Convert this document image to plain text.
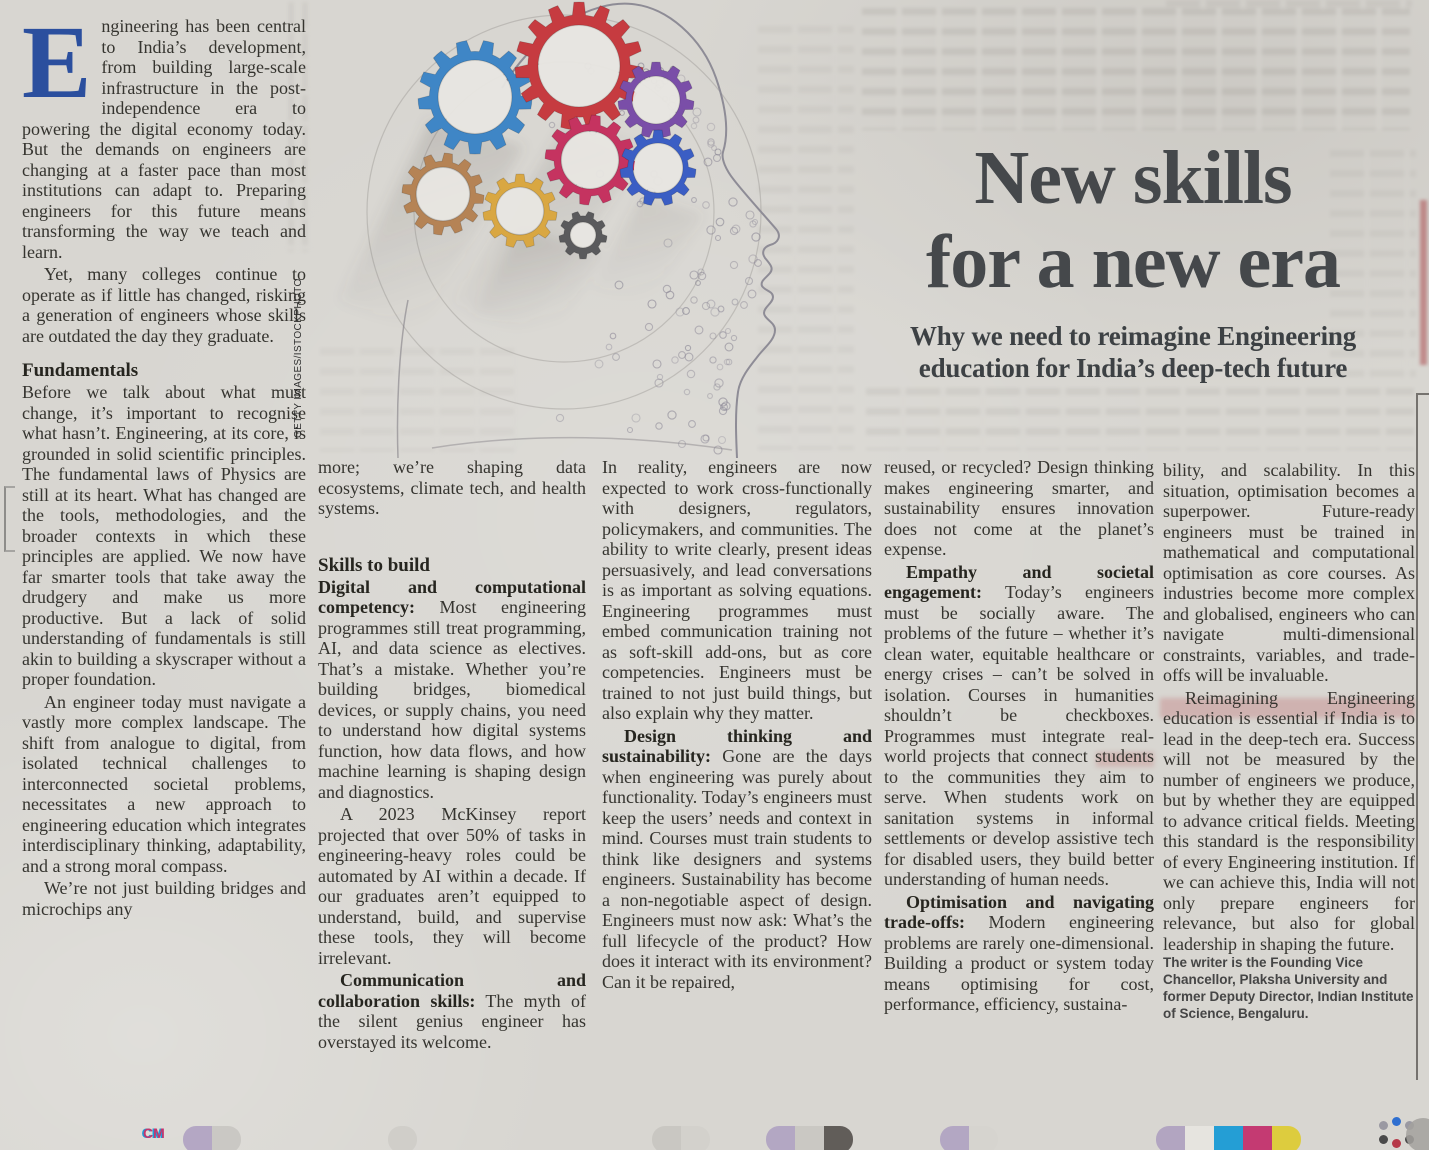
Engineering has been central to India’s development, from building large-scale infrastructure in the post-independence era to powering the digital economy today. But the demands on engineers are changing at a faster pace than most institutions can adapt to. Preparing engineers for this future means transforming the way we teach and learn.

Yet, many colleges continue to operate as if little has changed, risking a generation of engineers whose skills are outdated the day they graduate.

Fundamentals

Before we talk about what must change, it’s important to recognise what hasn’t. Engineering, at its core, is grounded in solid scientific principles. The fundamental laws of Physics are still at its heart. What has changed are the tools, methodologies, and the broader contexts in which these principles are applied. We now have far smarter tools that take away the drudgery and make us more productive. But a lack of solid understanding of fundamentals is still akin to building a skyscraper without a proper foundation.

An engineer today must navigate a vastly more complex landscape. The shift from analogue to digital, from isolated technical challenges to interconnected societal problems, necessitates a new approach to engineering education which integrates interdisciplinary thinking, adaptability, and a strong moral compass.

We’re not just building bridges and microchips any

GETTY IMAGES/ISTOCKPHOTO
New skills
for a new era
Why we need to reimagine Engineering
education for India’s deep-tech future

more; we’re shaping data ecosystems, climate tech, and health systems.

Skills to build

Digital and computational competency: Most engineering programmes still treat programming, AI, and data science as electives. That’s a mistake. Whether you’re building bridges, biomedical devices, or supply chains, you need to understand how digital systems function, how data flows, and how machine learning is shaping design and diagnostics.

A 2023 McKinsey report projected that over 50% of tasks in engineering-heavy roles could be automated by AI within a decade. If our graduates aren’t equipped to understand, build, and supervise these tools, they will become irrelevant.

Communication and collaboration skills: The myth of the silent genius engineer has overstayed its welcome.

In reality, engineers are now expected to work cross-functionally with designers, regulators, policymakers, and communities. The ability to write clearly, present ideas persuasively, and lead conversations is as important as solving equations. Engineering programmes must embed communication training not as soft-skill add-ons, but as core competencies. Engineers must be trained to not just build things, but also explain why they matter.

Design thinking and sustainability: Gone are the days when engineering was purely about functionality. Today’s engineers must keep the users’ needs and context in mind. Courses must train students to think like designers and systems engineers. Sustainability has become a non-negotiable aspect of design. Engineers must now ask: What’s the full lifecycle of the product? How does it interact with its environment? Can it be repaired,

reused, or recycled? Design thinking makes engineering smarter, and sustainability ensures innovation does not come at the planet’s expense.

Empathy and societal engagement: Today’s engineers must be socially aware. The problems of the future – whether it’s clean water, equitable healthcare or energy crises – can’t be solved in isolation. Courses in humanities shouldn’t be checkboxes. Programmes must integrate real-world projects that connect students to the communities they aim to serve. When students work on sanitation systems in informal settlements or develop assistive tech for disabled users, they build better understanding of human needs.

Optimisation and navigating trade-offs: Modern engineering problems are rarely one-dimensional. Building a product or system today means optimising for cost, performance, efficiency, sustaina-

bility, and scalability. In this situation, optimisation becomes a superpower. Future-ready engineers must be trained in mathematical and computational optimisation as core courses. As industries become more complex and globalised, engineers who can navigate multi-dimensional constraints, variables, and trade-offs will be invaluable.

Reimagining Engineering education is essential if India is to lead in the deep-tech era. Success will not be measured by the number of engineers we produce, but by whether they are equipped to advance critical fields. Meeting this standard is the responsibility of every Engineering institution. If we can achieve this, India will not only prepare engineers for relevance, but also for global leadership in shaping the future.

The writer is the Founding Vice Chancellor, Plaksha University and former Deputy Director, Indian Institute of Science, Bengaluru.

CM
